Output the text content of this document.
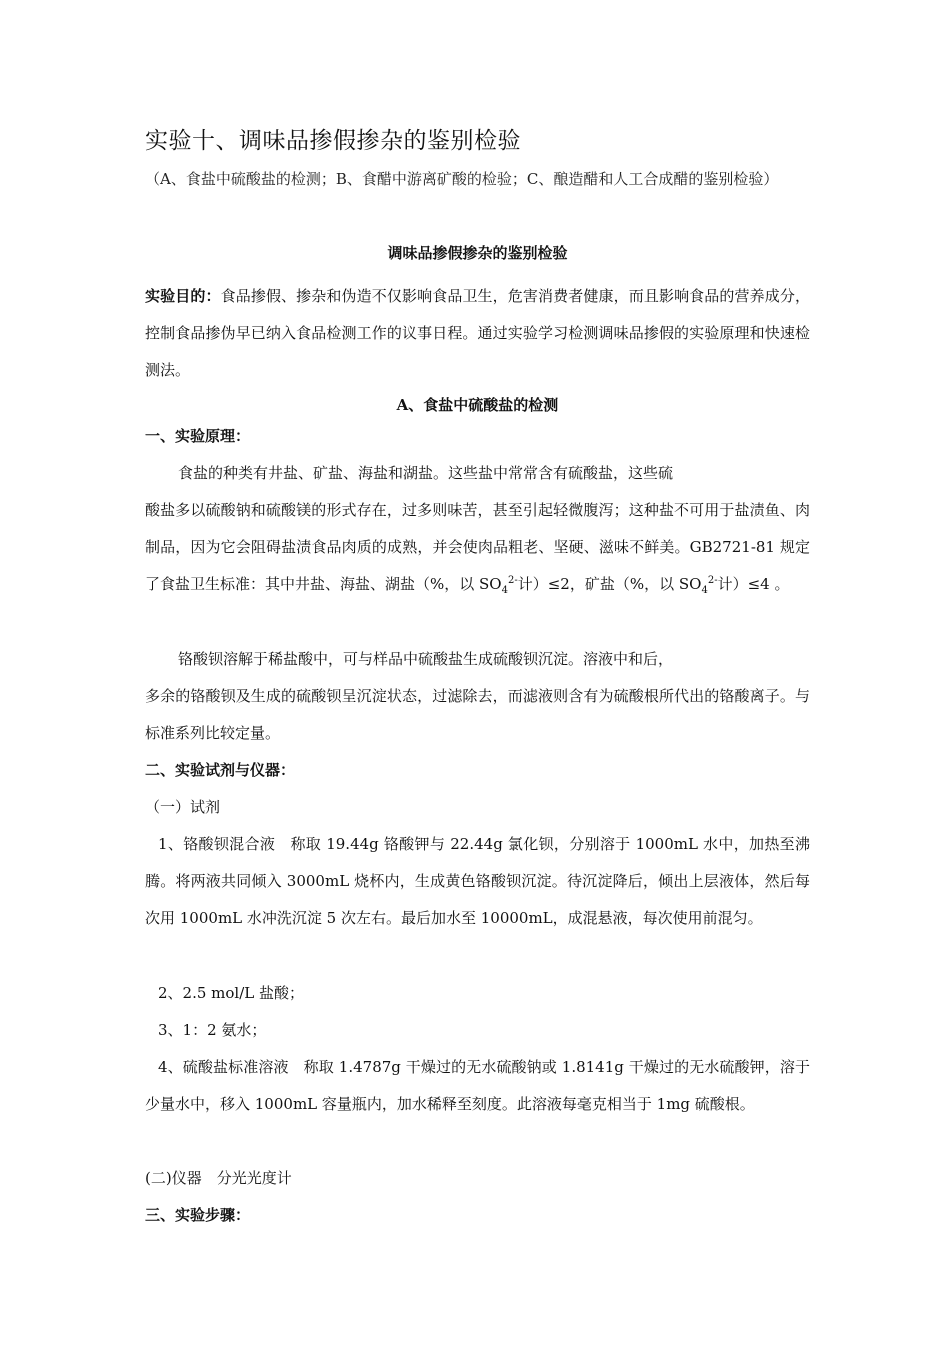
实验十、调味品掺假掺杂的鉴别检验

（A、食盐中硫酸盐的检测；B、食醋中游离矿酸的检验；C、酿造醋和人工合成醋的鉴别检验）

调味品掺假掺杂的鉴别检验

实验目的：食品掺假、掺杂和伪造不仅影响食品卫生，危害消费者健康，而且影响食品的营养成分，控制食品掺伪早已纳入食品检测工作的议事日程。通过实验学习检测调味品掺假的实验原理和快速检测法。

A、食盐中硫酸盐的检测
一、实验原理：
食盐的种类有井盐、矿盐、海盐和湖盐。这些盐中常常含有硫酸盐，这些硫

酸盐多以硫酸钠和硫酸镁的形式存在，过多则味苦，甚至引起轻微腹泻；这种盐不可用于盐渍鱼、肉制品，因为它会阻碍盐渍食品肉质的成熟，并会使肉品粗老、坚硬、滋味不鲜美。GB2721-81 规定了食盐卫生标准：其中井盐、海盐、湖盐（%，以 $SO_4^{2-}$计）≤2，矿盐（%，以 $SO_4^{2-}$计）≤4 。

铬酸钡溶解于稀盐酸中，可与样品中硫酸盐生成硫酸钡沉淀。溶液中和后，

多余的铬酸钡及生成的硫酸钡呈沉淀状态，过滤除去，而滤液则含有为硫酸根所代出的铬酸离子。与标准系列比较定量。

二、实验试剂与仪器：
（一）试剂

1、铬酸钡混合液　称取 19.44g 铬酸钾与 22.44g 氯化钡，分别溶于 1000mL 水中，加热至沸腾。将两液共同倾入 3000mL 烧杯内，生成黄色铬酸钡沉淀。待沉淀降后，倾出上层液体，然后每次用 1000mL 水冲洗沉淀 5 次左右。最后加水至 10000mL，成混悬液，每次使用前混匀。

2、2.5 mol/L 盐酸；
3、1：2 氨水；

4、硫酸盐标准溶液　称取 1.4787g 干燥过的无水硫酸钠或 1.8141g 干燥过的无水硫酸钾，溶于少量水中，移入 1000mL 容量瓶内，加水稀释至刻度。此溶液每毫克相当于 1mg 硫酸根。

(二)仪器　分光光度计
三、实验步骤：
